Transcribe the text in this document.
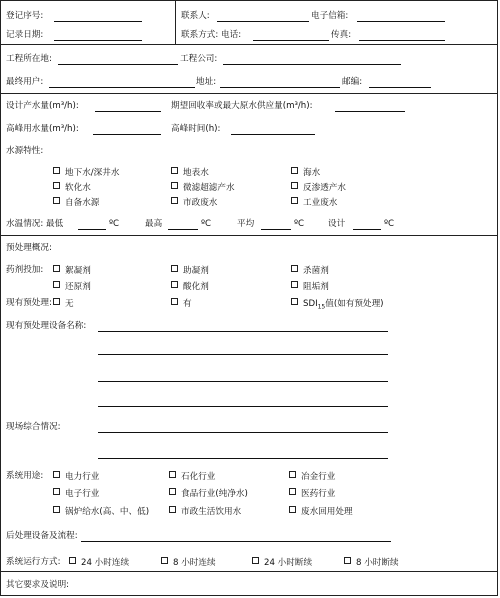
登记序号:
记录日期:
联系人:	电子信箱:
联系方式: 电话:	传真:
工程所在地:	工程公司:
最终用户:	地址:	邮编:
设计产水量(m³/h):	期望回收率或最大原水供应量(m³/h):
高峰用水量(m³/h):	高峰时间(h):
水源特性:
地下水/深井水	地表水	海水
软化水	微滤超滤产水	反渗透产水
自备水源	市政废水	工业废水
水温情况: 最低	ºC	最高	ºC	平均	ºC	设计	ºC
预处理概况:
药剂投加:	絮凝剂	助凝剂	杀菌剂
还原剂	酸化剂	阻垢剂
现有预处理:	无	有	$SDI_{15}$值(如有预处理)
现有预处理设备名称:
现场综合情况:
系统用途:	电力行业	石化行业	冶金行业
电子行业	食品行业(纯净水)	医药行业
锅炉给水(高、中、低)	市政生活饮用水	废水回用处理
后处理设备及流程:
系统运行方式:	24 小时连续	8 小时连续	24 小时断续	8 小时断续
其它要求及说明:
